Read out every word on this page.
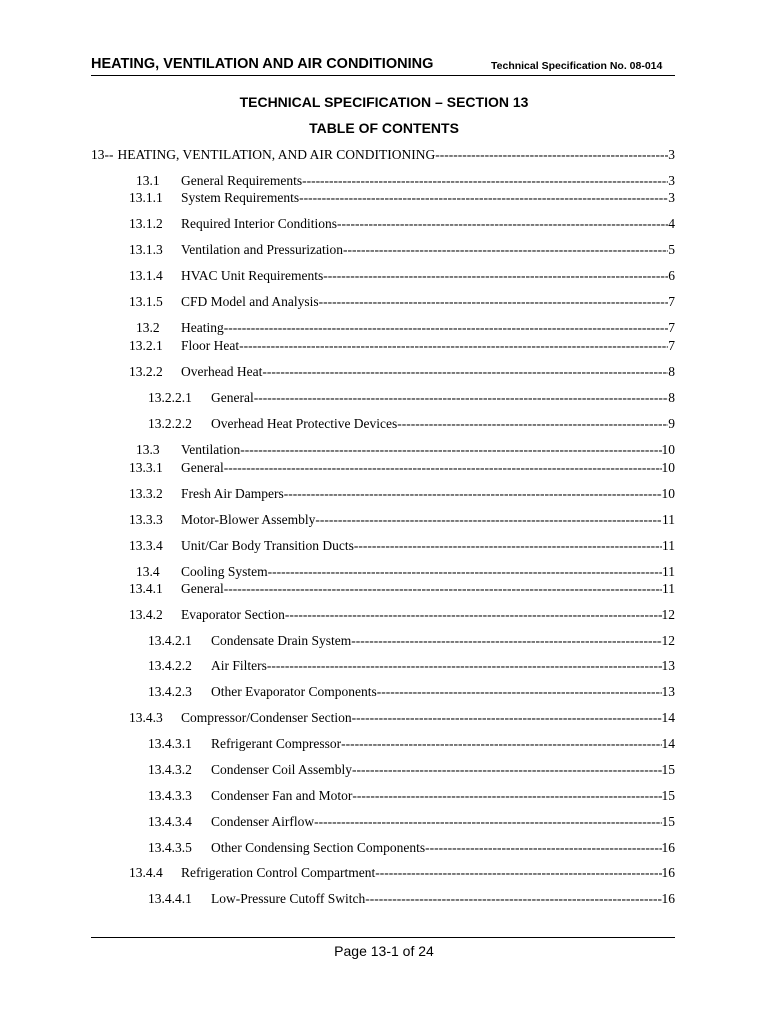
HEATING, VENTILATION AND AIR CONDITIONING	Technical Specification No. 08-014
TECHNICAL SPECIFICATION – SECTION 13
TABLE OF CONTENTS
13-- HEATING, VENTILATION, AND AIR CONDITIONING -----	3
13.1	General Requirements -----	3
13.1.1	System Requirements -----	3
13.1.2	Required Interior Conditions -----	4
13.1.3	Ventilation and Pressurization -----	5
13.1.4	HVAC Unit Requirements -----	6
13.1.5	CFD Model and Analysis -----	7
13.2	Heating -----	7
13.2.1	Floor Heat -----	7
13.2.2	Overhead Heat -----	8
13.2.2.1	General -----	8
13.2.2.2	Overhead Heat Protective Devices -----	9
13.3	Ventilation -----	10
13.3.1	General -----	10
13.3.2	Fresh Air Dampers -----	10
13.3.3	Motor-Blower Assembly -----	11
13.3.4	Unit/Car Body Transition Ducts -----	11
13.4	Cooling System -----	11
13.4.1	General -----	11
13.4.2	Evaporator Section -----	12
13.4.2.1	Condensate Drain System -----	12
13.4.2.2	Air Filters -----	13
13.4.2.3	Other Evaporator Components -----	13
13.4.3	Compressor/Condenser Section -----	14
13.4.3.1	Refrigerant Compressor -----	14
13.4.3.2	Condenser Coil Assembly -----	15
13.4.3.3	Condenser Fan and Motor -----	15
13.4.3.4	Condenser Airflow -----	15
13.4.3.5	Other Condensing Section Components -----	16
13.4.4	Refrigeration Control Compartment -----	16
13.4.4.1	Low-Pressure Cutoff Switch -----	16
Page 13-1 of 24
